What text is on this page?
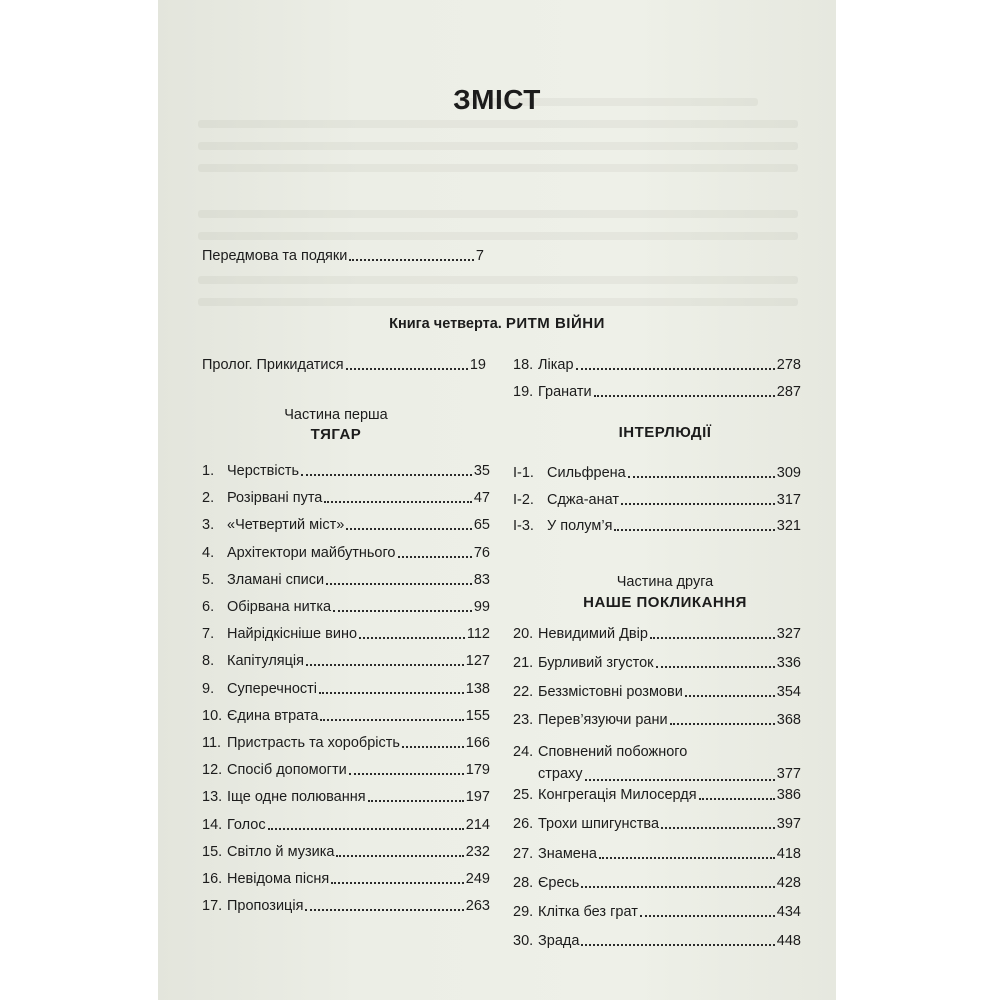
ЗМІСТ
Передмова та подяки	7
Книга четверта. РИТМ ВІЙНИ
Пролог. Прикидатися	19
Частина перша
ТЯГАР
1. Черствість	35
2. Розірвані пута	47
3. «Четвертий міст»	65
4. Архітектори майбутнього	76
5. Зламані списи	83
6. Обірвана нитка	99
7. Найрідкісніше вино	112
8. Капітуляція	127
9. Суперечності	138
10. Єдина втрата	155
11. Пристрасть та хоробрість	166
12. Спосіб допомогти	179
13. Іще одне полювання	197
14. Голос	214
15. Світло й музика	232
16. Невідома пісня	249
17. Пропозиція	263
18. Лікар	278
19. Гранати	287
ІНТЕРЛЮДІЇ
І-1. Сильфрена	309
І-2. Сджа-анат	317
І-3. У полум’я	321
Частина друга
НАШЕ ПОКЛИКАННЯ
20. Невидимий Двір	327
21. Бурливий згусток	336
22. Беззмістовні розмови	354
23. Перев’язуючи рани	368
24. Сповнений побожного
страху	377
25. Конгрегація Милосердя	386
26. Трохи шпигунства	397
27. Знамена	418
28. Єресь	428
29. Клітка без грат	434
30. Зрада	448
